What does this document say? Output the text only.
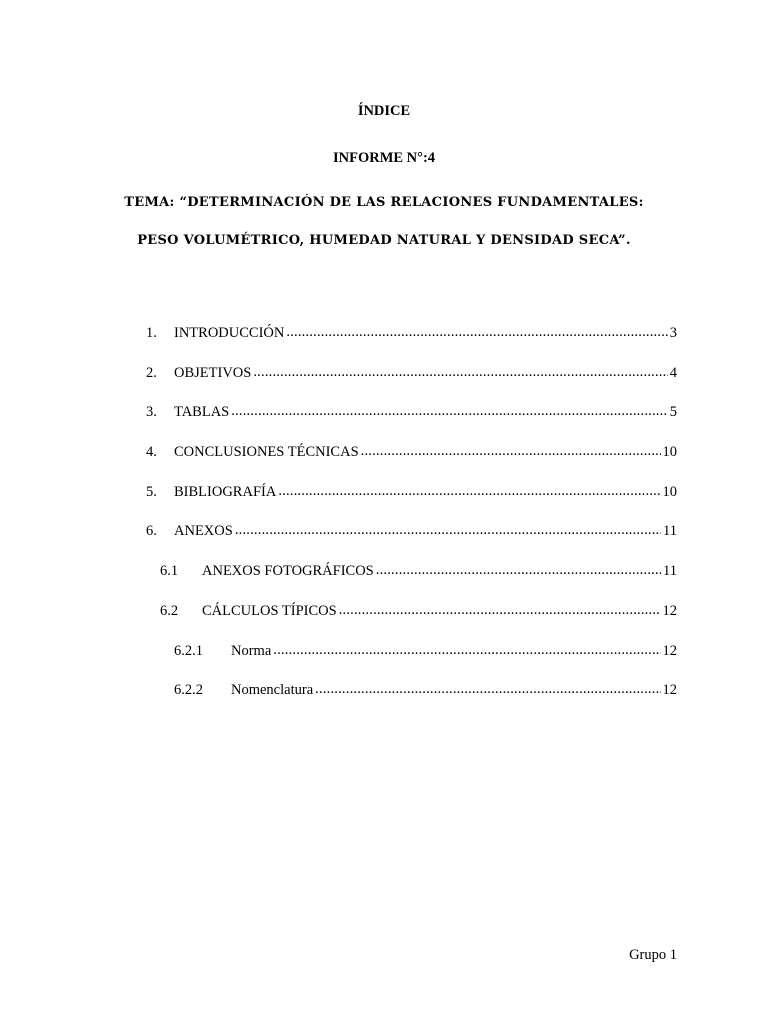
ÍNDICE
INFORME N°:4
TEMA: “DETERMINACIÓN DE LAS RELACIONES FUNDAMENTALES:
PESO VOLUMÉTRICO, HUMEDAD NATURAL Y DENSIDAD SECA”.
1.	INTRODUCCIÓN .....	3
2.	OBJETIVOS .....	4
3.	TABLAS .....	5
4.	CONCLUSIONES TÉCNICAS .....	10
5.	BIBLIOGRAFÍA .....	10
6.	ANEXOS .....	11
6.1	ANEXOS FOTOGRÁFICOS .....	11
6.2	CÁLCULOS TÍPICOS .....	12
6.2.1	Norma .....	12
6.2.2	Nomenclatura .....	12
Grupo 1
